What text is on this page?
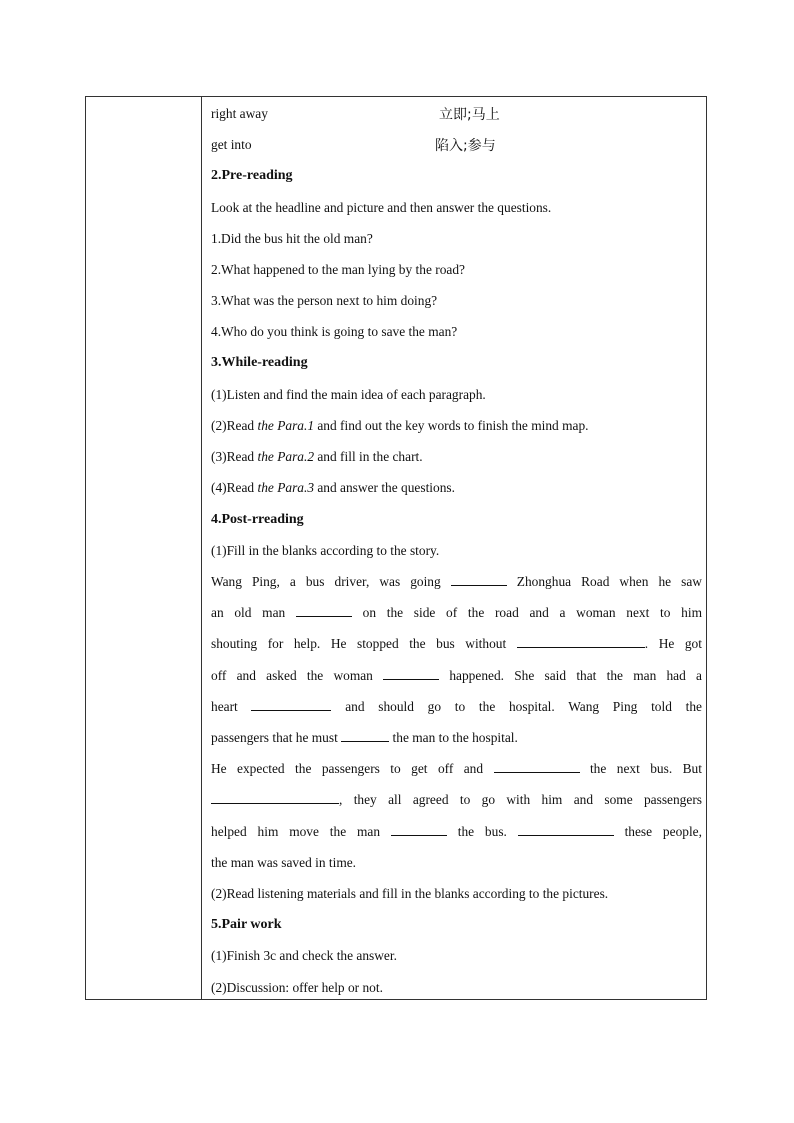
right away	立即;马上
get into	陷入;参与
2.Pre-reading
Look at the headline and picture and then answer the questions.
1.Did the bus hit the old man?
2.What happened to the man lying by the road?
3.What was the person next to him doing?
4.Who do you think is going to save the man?
3.While-reading
(1)Listen and find the main idea of each paragraph.
(2)Read the Para.1 and find out the key words to finish the mind map.
(3)Read the Para.2 and fill in the chart.
(4)Read the Para.3 and answer the questions.
4.Post-rreading
(1)Fill in the blanks according to the story.
Wang Ping, a bus driver, was going	Zhonghua Road when he saw
an old man	on the side of the road and a woman next to him
shouting for help. He stopped the bus without	. He got
off and asked the woman	happened. She said that the man had a
heart	and should go to the hospital. Wang Ping told the
passengers that he must	the man to the hospital.
He expected the passengers to get off and	the next bus. But
, they all agreed to go with him and some passengers
helped him move the man	the bus.	these people,
the man was saved in time.
(2)Read listening materials and fill in the blanks according to the pictures.
5.Pair work
(1)Finish 3c and check the answer.
(2)Discussion: offer help or not.
